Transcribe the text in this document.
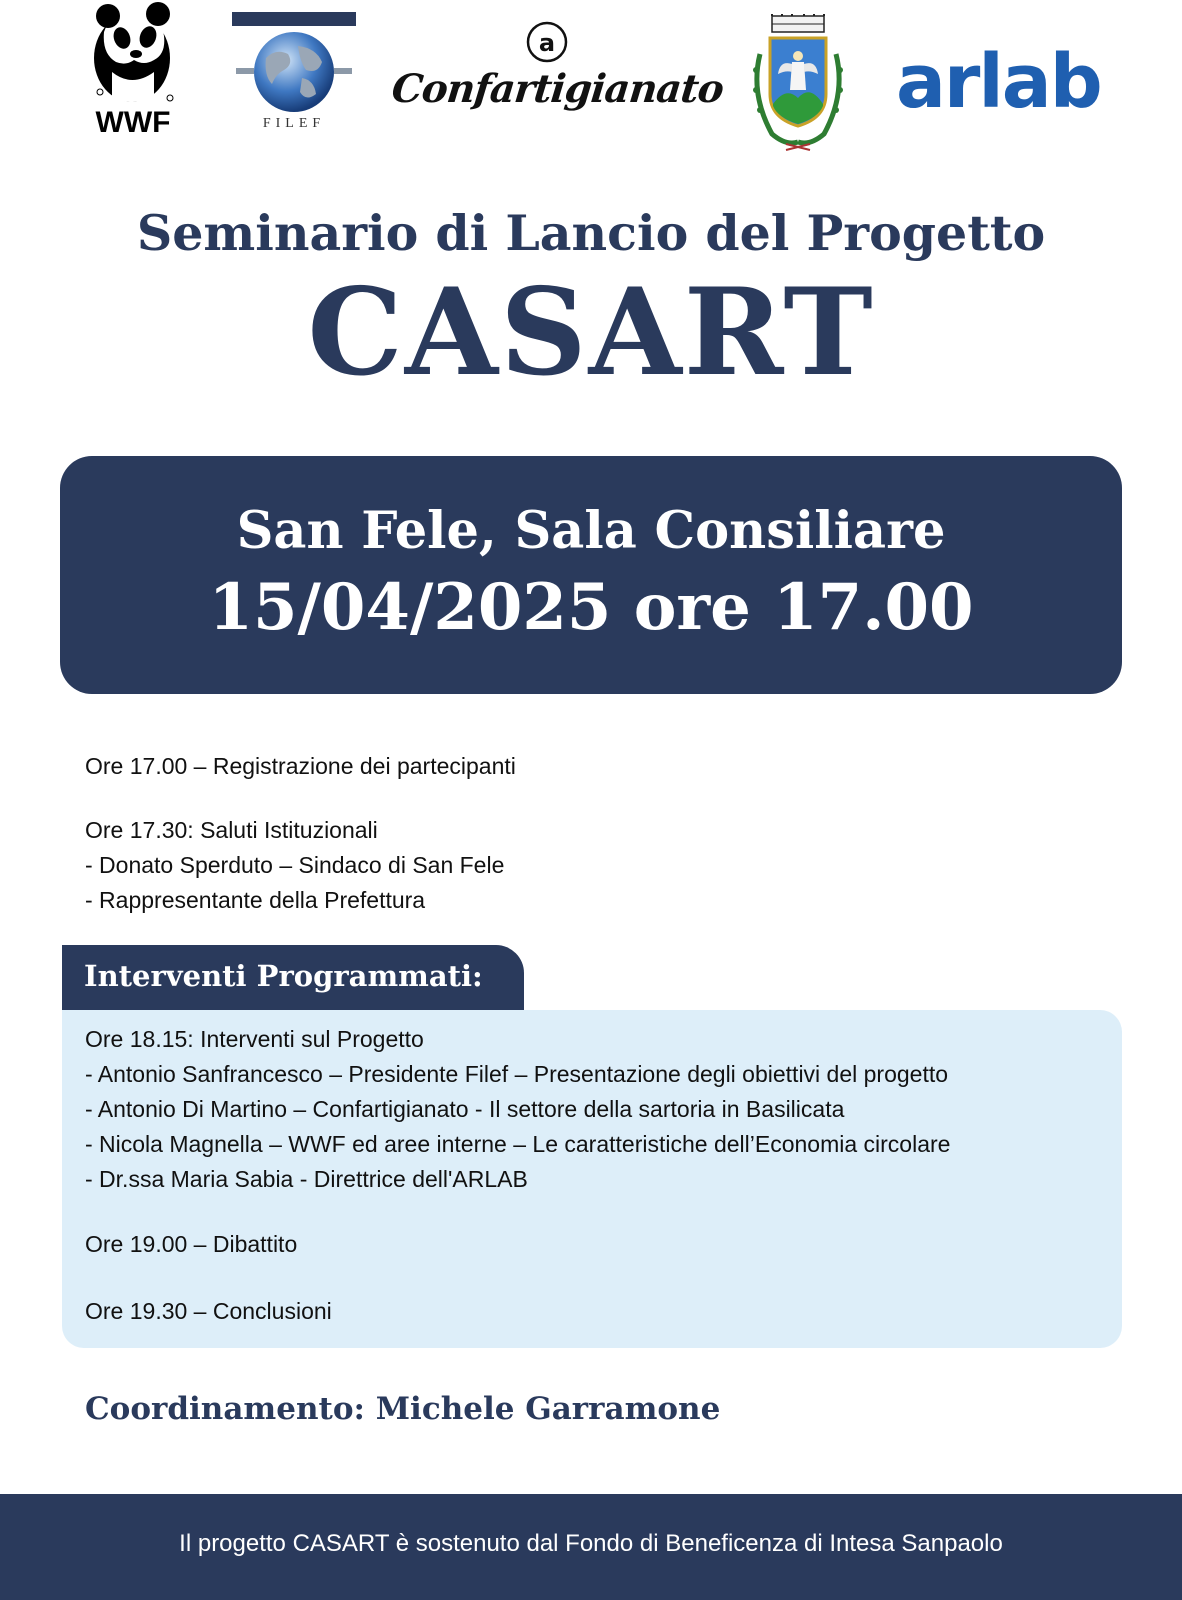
WWF	FILEF
a
Confartigianato arlab
Seminario di Lancio del Progetto
CASART
San Fele, Sala Consiliare
15/04/2025 ore 17.00
Ore 17.00 – Registrazione dei partecipanti
Ore 17.30: Saluti Istituzionali
- Donato Sperduto – Sindaco di San Fele
- Rappresentante della Prefettura
Interventi Programmati:
Ore 18.15: Interventi sul Progetto
- Antonio Sanfrancesco – Presidente Filef – Presentazione degli obiettivi del progetto
- Antonio Di Martino – Confartigianato - Il settore della sartoria in Basilicata
- Nicola Magnella – WWF ed aree interne – Le caratteristiche dell’Economia circolare
- Dr.ssa Maria Sabia - Direttrice dell'ARLAB
Ore 19.00 – Dibattito
Ore 19.30 – Conclusioni
Coordinamento: Michele Garramone
Il progetto CASART è sostenuto dal Fondo di Beneficenza di Intesa Sanpaolo
